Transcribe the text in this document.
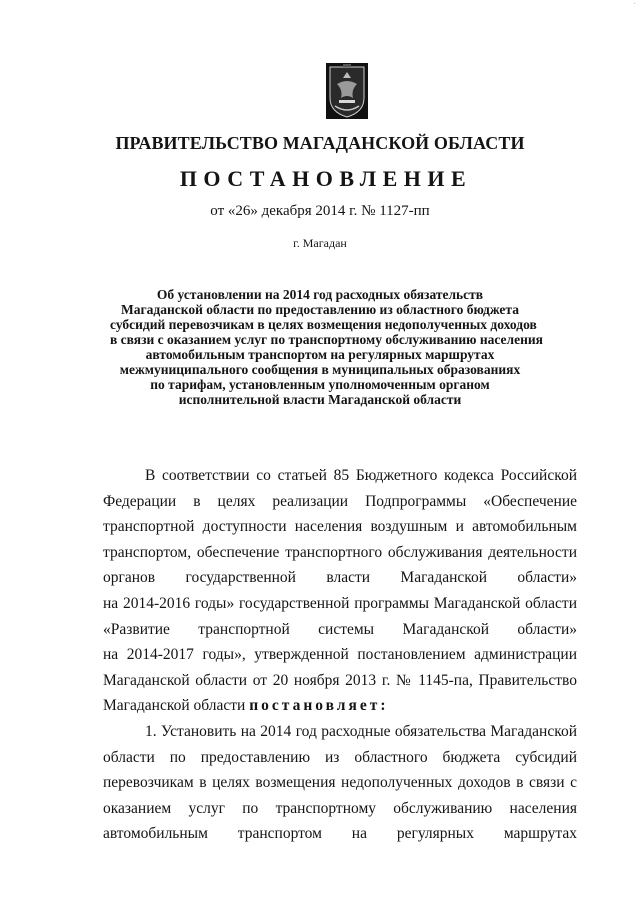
·
ПРАВИТЕЛЬСТВО МАГАДАНСКОЙ ОБЛАСТИ
ПОСТАНОВЛЕНИЕ
от «26» декабря 2014 г. № 1127-пп
г. Магадан
Об установлении на 2014 год расходных обязательств
Магаданской области по предоставлению из областного бюджета
субсидий перевозчикам в целях возмещения недополученных доходов
в связи с оказанием услуг по транспортному обслуживанию населения
автомобильным транспортом на регулярных маршрутах
межмуниципального сообщения в муниципальных образованиях
по тарифам, установленным уполномоченным органом
исполнительной власти Магаданской области
В соответствии со статьей 85 Бюджетного кодекса Российской
Федерации в целях реализации Подпрограммы «Обеспечение
транспортной доступности населения воздушным и автомобильным
транспортом, обеспечение транспортного обслуживания деятельности
органов государственной власти Магаданской области»
на 2014-2016 годы» государственной программы Магаданской области
«Развитие транспортной системы Магаданской области»
на 2014-2017 годы», утвержденной постановлением администрации
Магаданской области от 20 ноября 2013 г. № 1145-па, Правительство
Магаданской области постановляет:
1. Установить на 2014 год расходные обязательства Магаданской
области по предоставлению из областного бюджета субсидий
перевозчикам в целях возмещения недополученных доходов в связи с
оказанием услуг по транспортному обслуживанию населения
автомобильным транспортом на регулярных маршрутах
